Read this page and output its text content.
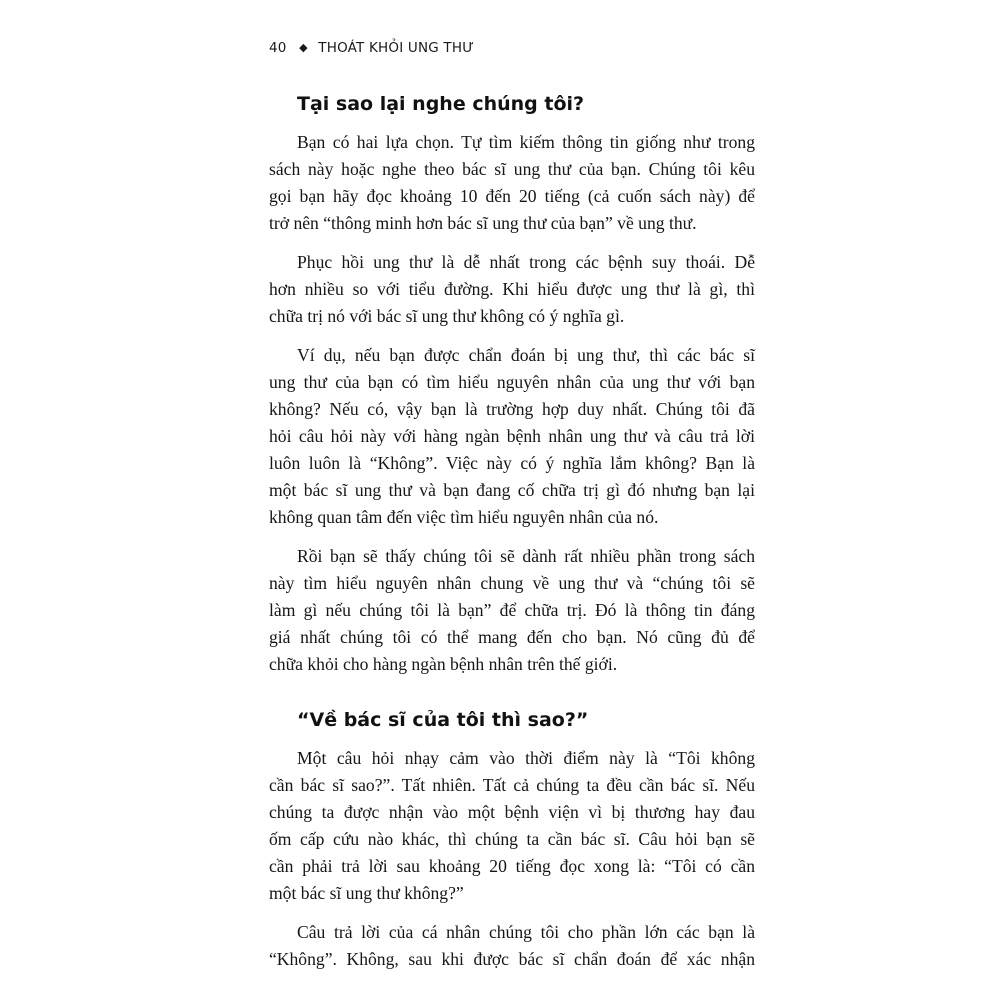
40 ◆ THOÁT KHỎI UNG THƯ
Tại sao lại nghe chúng tôi?

Bạn có hai lựa chọn. Tự tìm kiếm thông tin giống như trong
sách này hoặc nghe theo bác sĩ ung thư của bạn. Chúng tôi kêu
gọi bạn hãy đọc khoảng 10 đến 20 tiếng (cả cuốn sách này) để
trở nên “thông minh hơn bác sĩ ung thư của bạn” về ung thư.

Phục hồi ung thư là dễ nhất trong các bệnh suy thoái. Dễ
hơn nhiều so với tiểu đường. Khi hiểu được ung thư là gì, thì
chữa trị nó với bác sĩ ung thư không có ý nghĩa gì.

Ví dụ, nếu bạn được chẩn đoán bị ung thư, thì các bác sĩ
ung thư của bạn có tìm hiểu nguyên nhân của ung thư với bạn
không? Nếu có, vậy bạn là trường hợp duy nhất. Chúng tôi đã
hỏi câu hỏi này với hàng ngàn bệnh nhân ung thư và câu trả lời
luôn luôn là “Không”. Việc này có ý nghĩa lắm không? Bạn là
một bác sĩ ung thư và bạn đang cố chữa trị gì đó nhưng bạn lại
không quan tâm đến việc tìm hiểu nguyên nhân của nó.

Rồi bạn sẽ thấy chúng tôi sẽ dành rất nhiều phần trong sách
này tìm hiểu nguyên nhân chung về ung thư và “chúng tôi sẽ
làm gì nếu chúng tôi là bạn” để chữa trị. Đó là thông tin đáng
giá nhất chúng tôi có thể mang đến cho bạn. Nó cũng đủ để
chữa khỏi cho hàng ngàn bệnh nhân trên thế giới.

“Về bác sĩ của tôi thì sao?”

Một câu hỏi nhạy cảm vào thời điểm này là “Tôi không
cần bác sĩ sao?”. Tất nhiên. Tất cả chúng ta đều cần bác sĩ. Nếu
chúng ta được nhận vào một bệnh viện vì bị thương hay đau
ốm cấp cứu nào khác, thì chúng ta cần bác sĩ. Câu hỏi bạn sẽ
cần phải trả lời sau khoảng 20 tiếng đọc xong là: “Tôi có cần
một bác sĩ ung thư không?”

Câu trả lời của cá nhân chúng tôi cho phần lớn các bạn là
“Không”. Không, sau khi được bác sĩ chẩn đoán để xác nhận
